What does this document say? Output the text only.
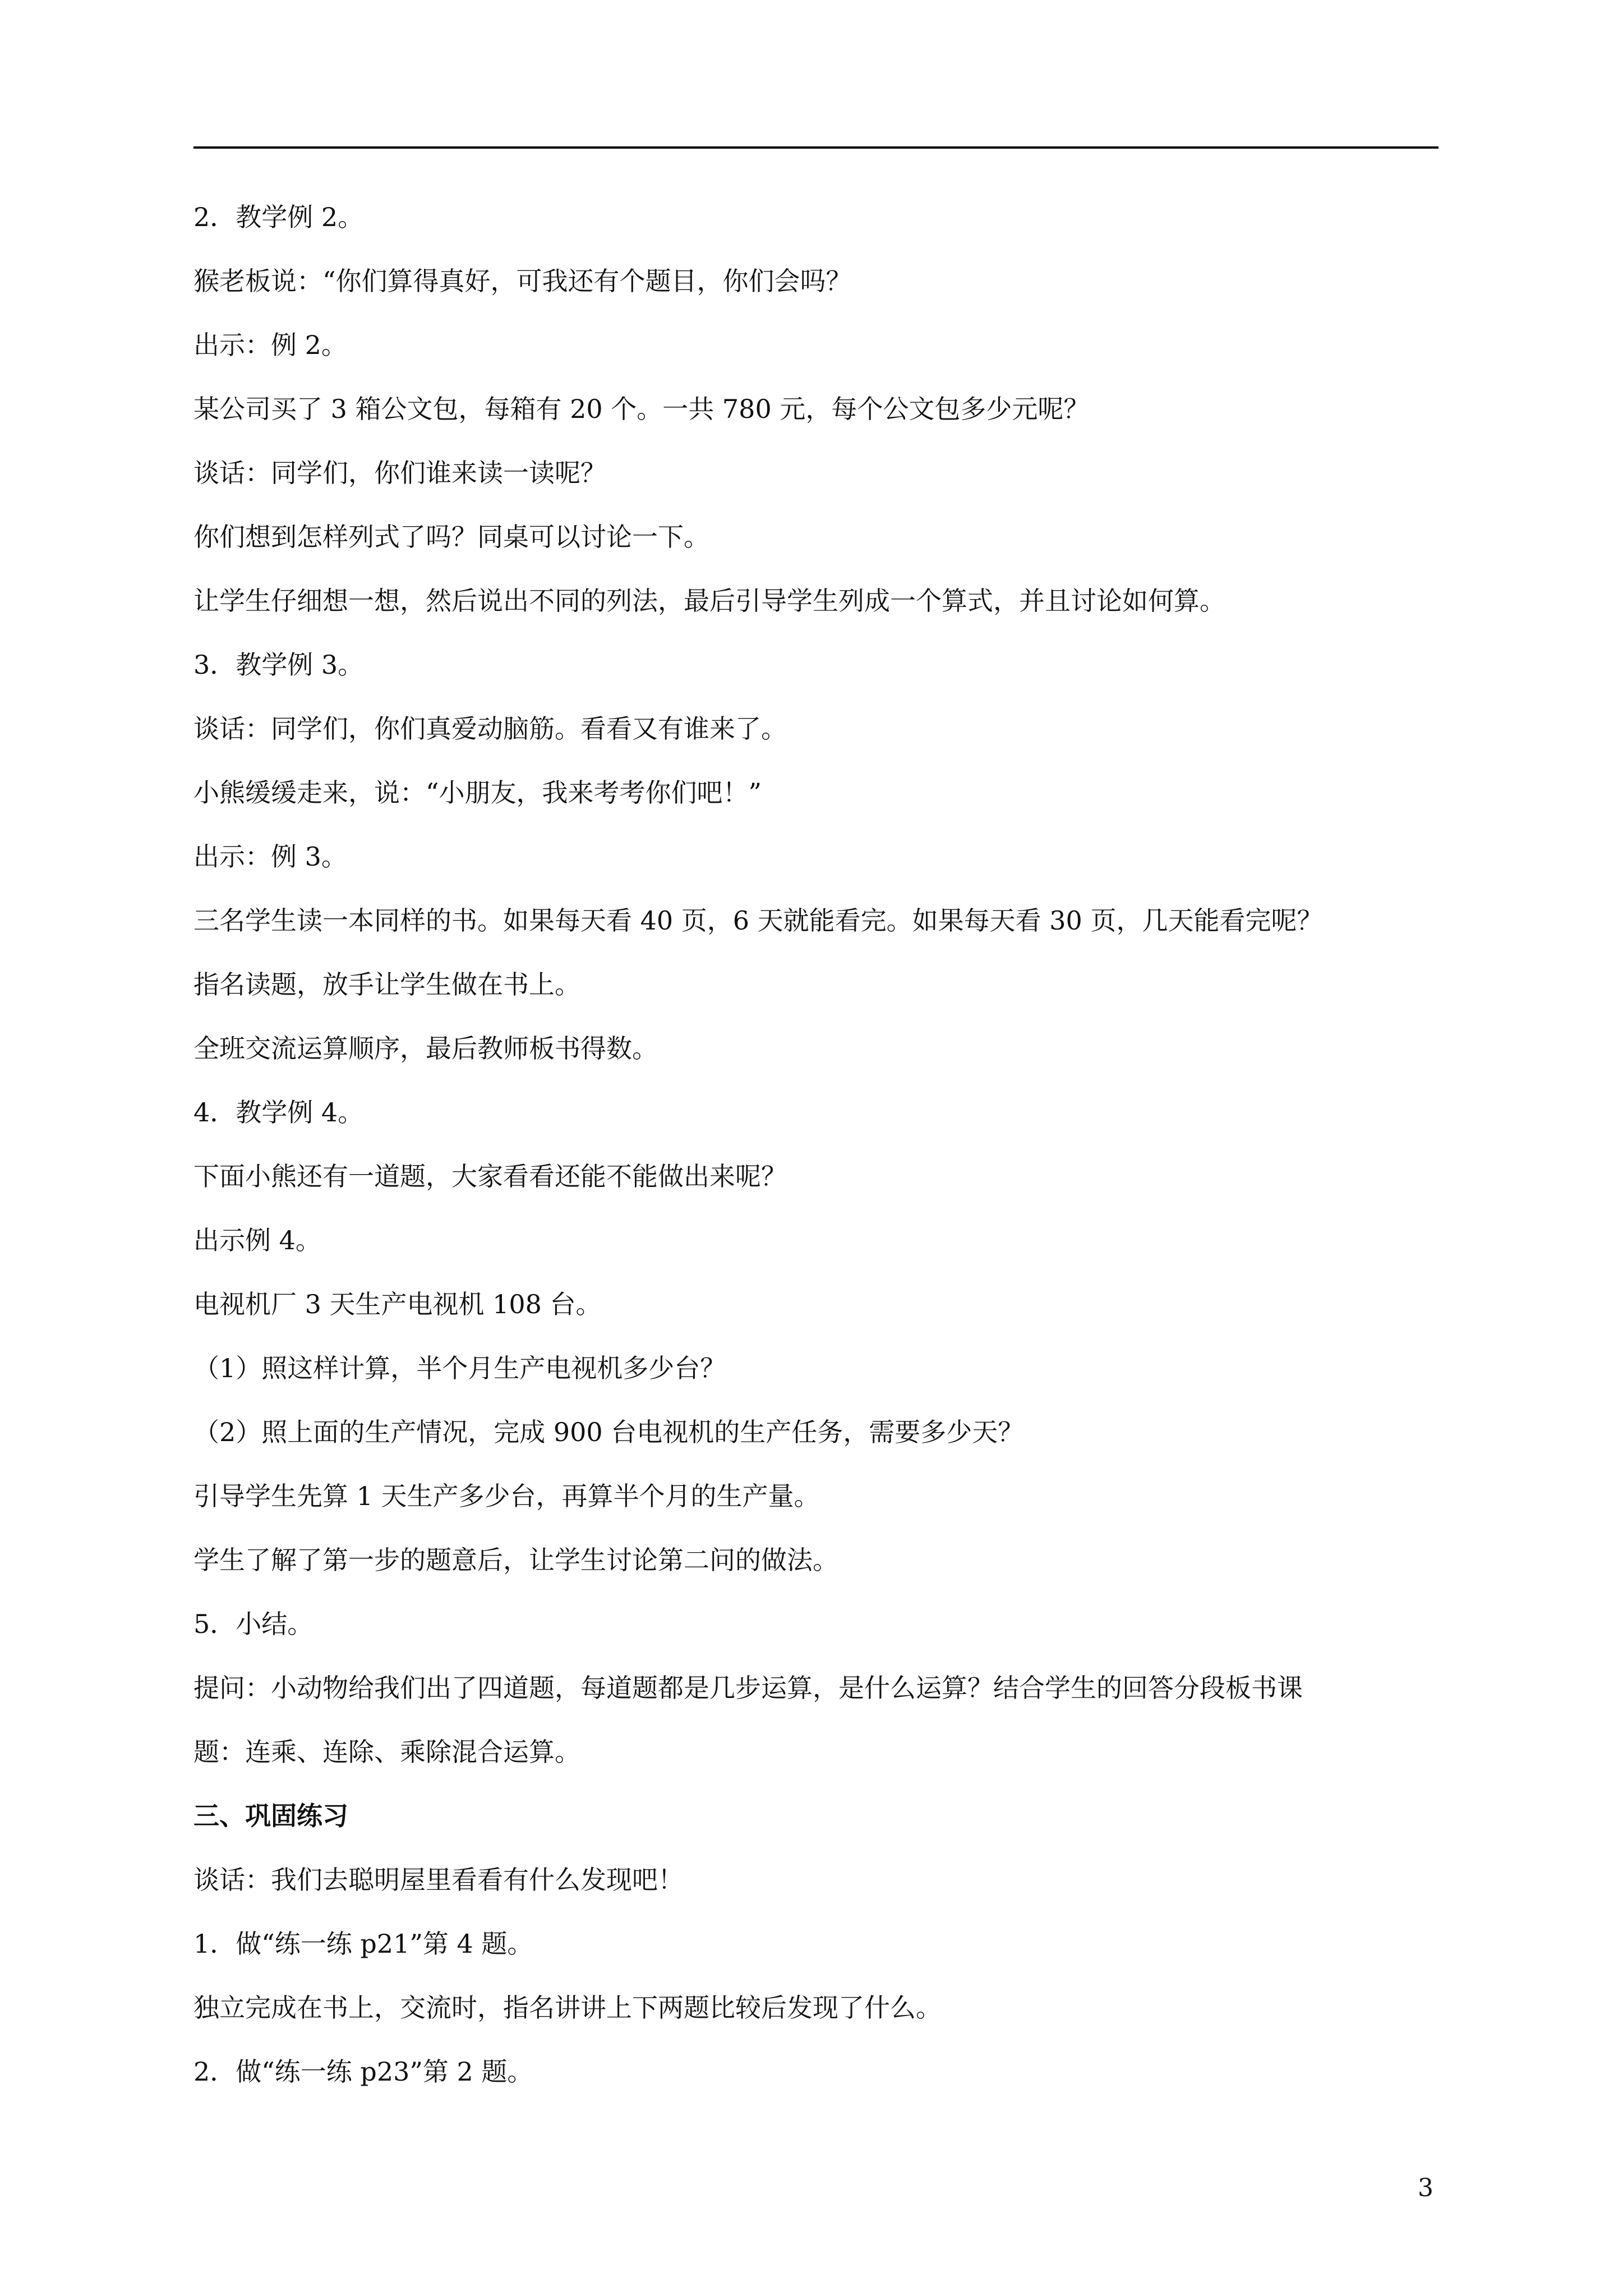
2．教学例 2。

猴老板说：“你们算得真好，可我还有个题目，你们会吗？

出示：例 2。

某公司买了 3 箱公文包，每箱有 20 个。一共 780 元，每个公文包多少元呢？

谈话：同学们，你们谁来读一读呢？

你们想到怎样列式了吗？同桌可以讨论一下。

让学生仔细想一想，然后说出不同的列法，最后引导学生列成一个算式，并且讨论如何算。

3．教学例 3。

谈话：同学们，你们真爱动脑筋。看看又有谁来了。

小熊缓缓走来，说：“小朋友，我来考考你们吧！”

出示：例 3。

三名学生读一本同样的书。如果每天看 40 页，6 天就能看完。如果每天看 30 页，几天能看完呢？

指名读题，放手让学生做在书上。

全班交流运算顺序，最后教师板书得数。

4．教学例 4。

下面小熊还有一道题，大家看看还能不能做出来呢？

出示例 4。

电视机厂 3 天生产电视机 108 台。

（1）照这样计算，半个月生产电视机多少台？

（2）照上面的生产情况，完成 900 台电视机的生产任务，需要多少天？

引导学生先算 1 天生产多少台，再算半个月的生产量。

学生了解了第一步的题意后，让学生讨论第二问的做法。

5．小结。

提问：小动物给我们出了四道题，每道题都是几步运算，是什么运算？结合学生的回答分段板书课

题：连乘、连除、乘除混合运算。

三、巩固练习

谈话：我们去聪明屋里看看有什么发现吧！

1．做“练一练 p21”第 4 题。

独立完成在书上，交流时，指名讲讲上下两题比较后发现了什么。

2．做“练一练 p23”第 2 题。

3
